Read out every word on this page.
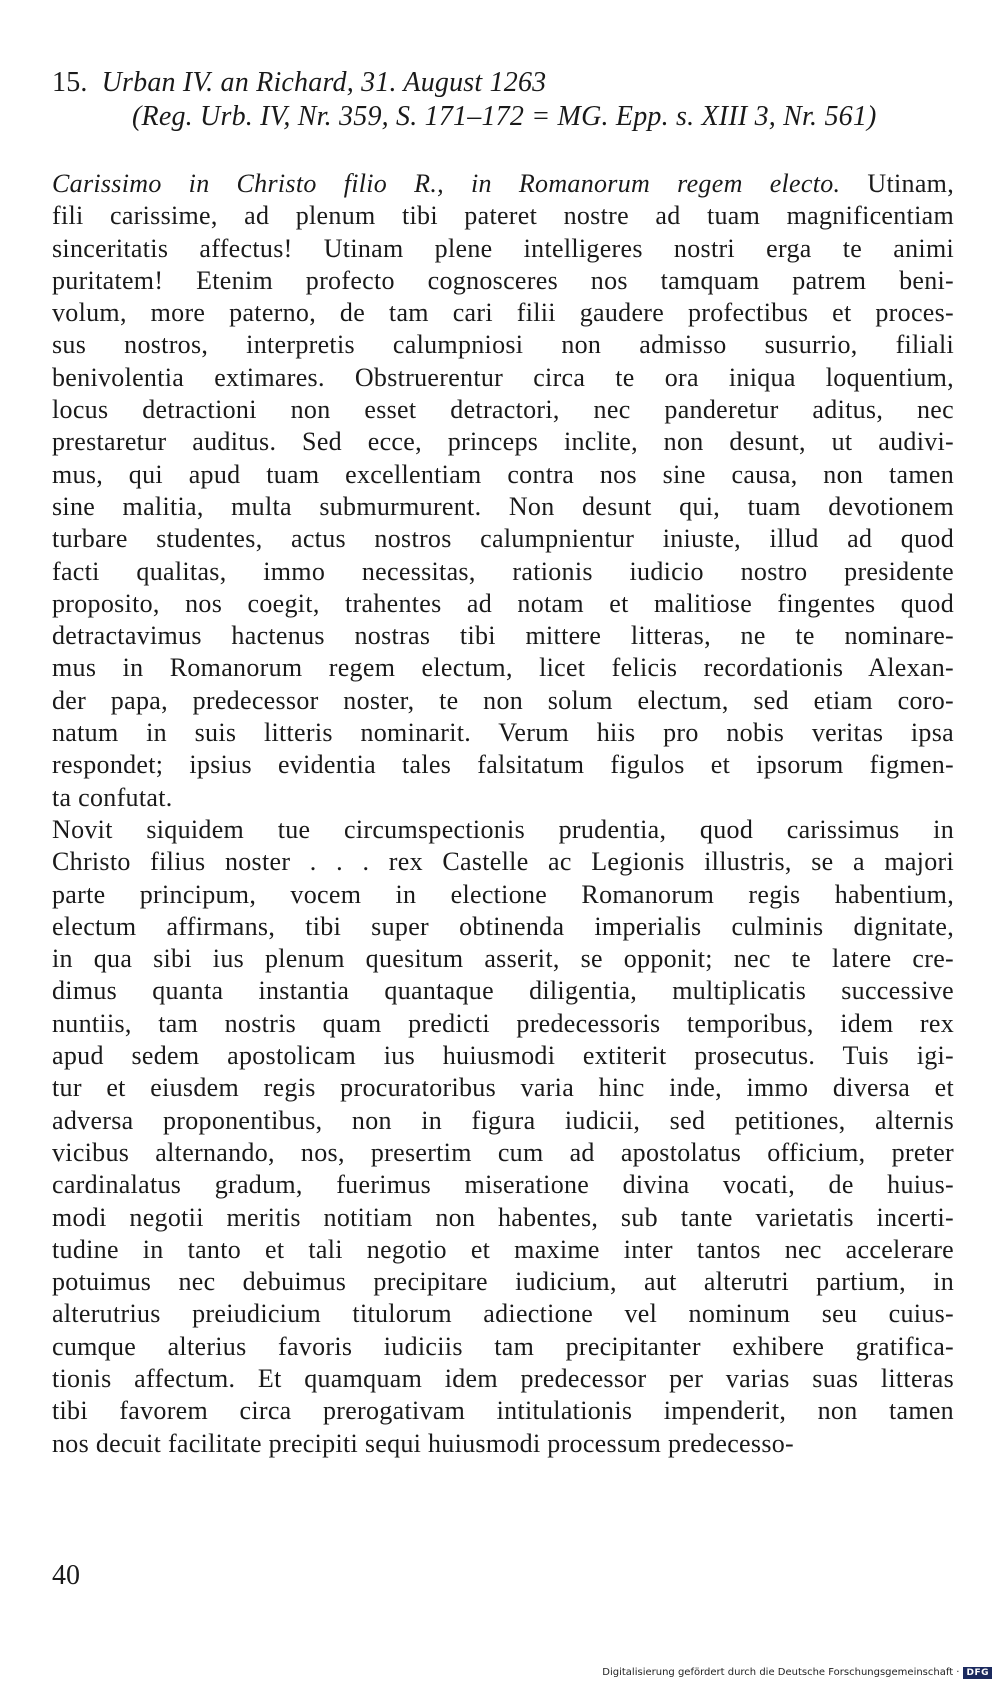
15. Urban IV. an Richard, 31. August 1263
(Reg. Urb. IV, Nr. 359, S. 171–172 = MG. Epp. s. XIII 3, Nr. 561)
Carissimo in Christo filio R., in Romanorum regem electo. Utinam,
fili carissime, ad plenum tibi pateret nostre ad tuam magnificentiam
sinceritatis affectus! Utinam plene intelligeres nostri erga te animi
puritatem! Etenim profecto cognosceres nos tamquam patrem beni-
volum, more paterno, de tam cari filii gaudere profectibus et proces-
sus nostros, interpretis calumpniosi non admisso susurrio, filiali
benivolentia extimares. Obstruerentur circa te ora iniqua loquentium,
locus detractioni non esset detractori, nec panderetur aditus, nec
prestaretur auditus. Sed ecce, princeps inclite, non desunt, ut audivi-
mus, qui apud tuam excellentiam contra nos sine causa, non tamen
sine malitia, multa submurmurent. Non desunt qui, tuam devotionem
turbare studentes, actus nostros calumpnientur iniuste, illud ad quod
facti qualitas, immo necessitas, rationis iudicio nostro presidente
proposito, nos coegit, trahentes ad notam et malitiose fingentes quod
detractavimus hactenus nostras tibi mittere litteras, ne te nominare-
mus in Romanorum regem electum, licet felicis recordationis Alexan-
der papa, predecessor noster, te non solum electum, sed etiam coro-
natum in suis litteris nominarit. Verum hiis pro nobis veritas ipsa
respondet; ipsius evidentia tales falsitatum figulos et ipsorum figmen-
ta confutat.
Novit siquidem tue circumspectionis prudentia, quod carissimus in
Christo filius noster . . . rex Castelle ac Legionis illustris, se a majori
parte principum, vocem in electione Romanorum regis habentium,
electum affirmans, tibi super obtinenda imperialis culminis dignitate,
in qua sibi ius plenum quesitum asserit, se opponit; nec te latere cre-
dimus quanta instantia quantaque diligentia, multiplicatis successive
nuntiis, tam nostris quam predicti predecessoris temporibus, idem rex
apud sedem apostolicam ius huiusmodi extiterit prosecutus. Tuis igi-
tur et eiusdem regis procuratoribus varia hinc inde, immo diversa et
adversa proponentibus, non in figura iudicii, sed petitiones, alternis
vicibus alternando, nos, presertim cum ad apostolatus officium, preter
cardinalatus gradum, fuerimus miseratione divina vocati, de huius-
modi negotii meritis notitiam non habentes, sub tante varietatis incerti-
tudine in tanto et tali negotio et maxime inter tantos nec accelerare
potuimus nec debuimus precipitare iudicium, aut alterutri partium, in
alterutrius preiudicium titulorum adiectione vel nominum seu cuius-
cumque alterius favoris iudiciis tam precipitanter exhibere gratifica-
tionis affectum. Et quamquam idem predecessor per varias suas litteras
tibi favorem circa prerogativam intitulationis impenderit, non tamen
nos decuit facilitate precipiti sequi huiusmodi processum predecesso-
40
Digitalisierung gefördert durch die Deutsche Forschungsgemeinschaft · DFG
